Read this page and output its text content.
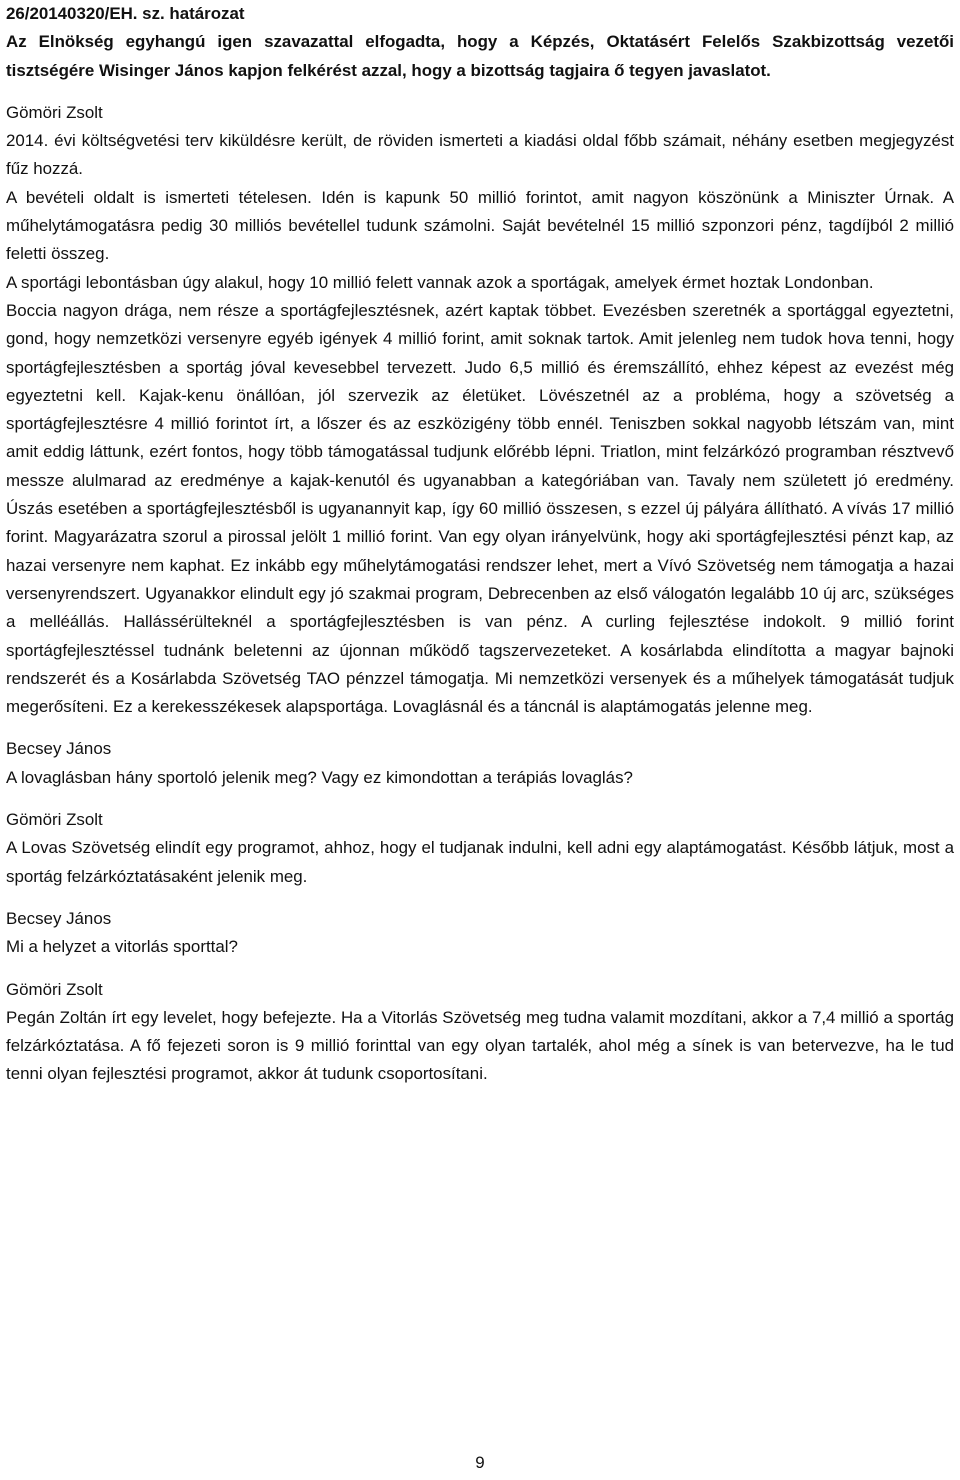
26/20140320/EH. sz. határozat
Az Elnökség egyhangú igen szavazattal elfogadta, hogy a Képzés, Oktatásért Felelős Szakbizottság vezetői tisztségére Wisinger János kapjon felkérést azzal, hogy a bizottság tagjaira ő tegyen javaslatot.
Gömöri Zsolt

2014. évi költségvetési terv kiküldésre került, de röviden ismerteti a kiadási oldal főbb számait, néhány esetben megjegyzést fűz hozzá.

A bevételi oldalt is ismerteti tételesen. Idén is kapunk 50 millió forintot, amit nagyon köszönünk a Miniszter Úrnak. A műhelytámogatásra pedig 30 milliós bevétellel tudunk számolni. Saját bevételnél 15 millió szponzori pénz, tagdíjból 2 millió feletti összeg.

A sportági lebontásban úgy alakul, hogy 10 millió felett vannak azok a sportágak, amelyek érmet hoztak Londonban.

Boccia nagyon drága, nem része a sportágfejlesztésnek, azért kaptak többet. Evezésben szeretnék a sportággal egyeztetni, gond, hogy nemzetközi versenyre egyéb igények 4 millió forint, amit soknak tartok. Amit jelenleg nem tudok hova tenni, hogy sportágfejlesztésben a sportág jóval kevesebbel tervezett. Judo 6,5 millió és éremszállító, ehhez képest az evezést még egyeztetni kell. Kajak-kenu önállóan, jól szervezik az életüket. Lövészetnél az a probléma, hogy a szövetség a sportágfejlesztésre 4 millió forintot írt, a lőszer és az eszközigény több ennél. Teniszben sokkal nagyobb létszám van, mint amit eddig láttunk, ezért fontos, hogy több támogatással tudjunk előrébb lépni. Triatlon, mint felzárkózó programban résztvevő messze alulmarad az eredménye a kajak-kenutól és ugyanabban a kategóriában van. Tavaly nem született jó eredmény. Úszás esetében a sportágfejlesztésből is ugyanannyit kap, így 60 millió összesen, s ezzel új pályára állítható. A vívás 17 millió forint. Magyarázatra szorul a pirossal jelölt 1 millió forint. Van egy olyan irányelvünk, hogy aki sportágfejlesztési pénzt kap, az hazai versenyre nem kaphat. Ez inkább egy műhelytámogatási rendszer lehet, mert a Vívó Szövetség nem támogatja a hazai versenyrendszert. Ugyanakkor elindult egy jó szakmai program, Debrecenben az első válogatón legalább 10 új arc, szükséges a melléállás. Hallássérülteknél a sportágfejlesztésben is van pénz. A curling fejlesztése indokolt. 9 millió forint sportágfejlesztéssel tudnánk beletenni az újonnan működő tagszervezeteket. A kosárlabda elindította a magyar bajnoki rendszerét és a Kosárlabda Szövetség TAO pénzzel támogatja. Mi nemzetközi versenyek és a műhelyek támogatását tudjuk megerősíteni. Ez a kerekesszékesek alapsportága. Lovaglásnál és a táncnál is alaptámogatás jelenne meg.

Becsey János

A lovaglásban hány sportoló jelenik meg? Vagy ez kimondottan a terápiás lovaglás?

Gömöri Zsolt

A Lovas Szövetség elindít egy programot, ahhoz, hogy el tudjanak indulni, kell adni egy alaptámogatást. Később látjuk, most a sportág felzárkóztatásaként jelenik meg.

Becsey János

Mi a helyzet a vitorlás sporttal?

Gömöri Zsolt

Pegán Zoltán írt egy levelet, hogy befejezte. Ha a Vitorlás Szövetség meg tudna valamit mozdítani, akkor a 7,4 millió a sportág felzárkóztatása. A fő fejezeti soron is 9 millió forinttal van egy olyan tartalék, ahol még a sínek is van betervezve, ha le tud tenni olyan fejlesztési programot, akkor át tudunk csoportosítani.

9
